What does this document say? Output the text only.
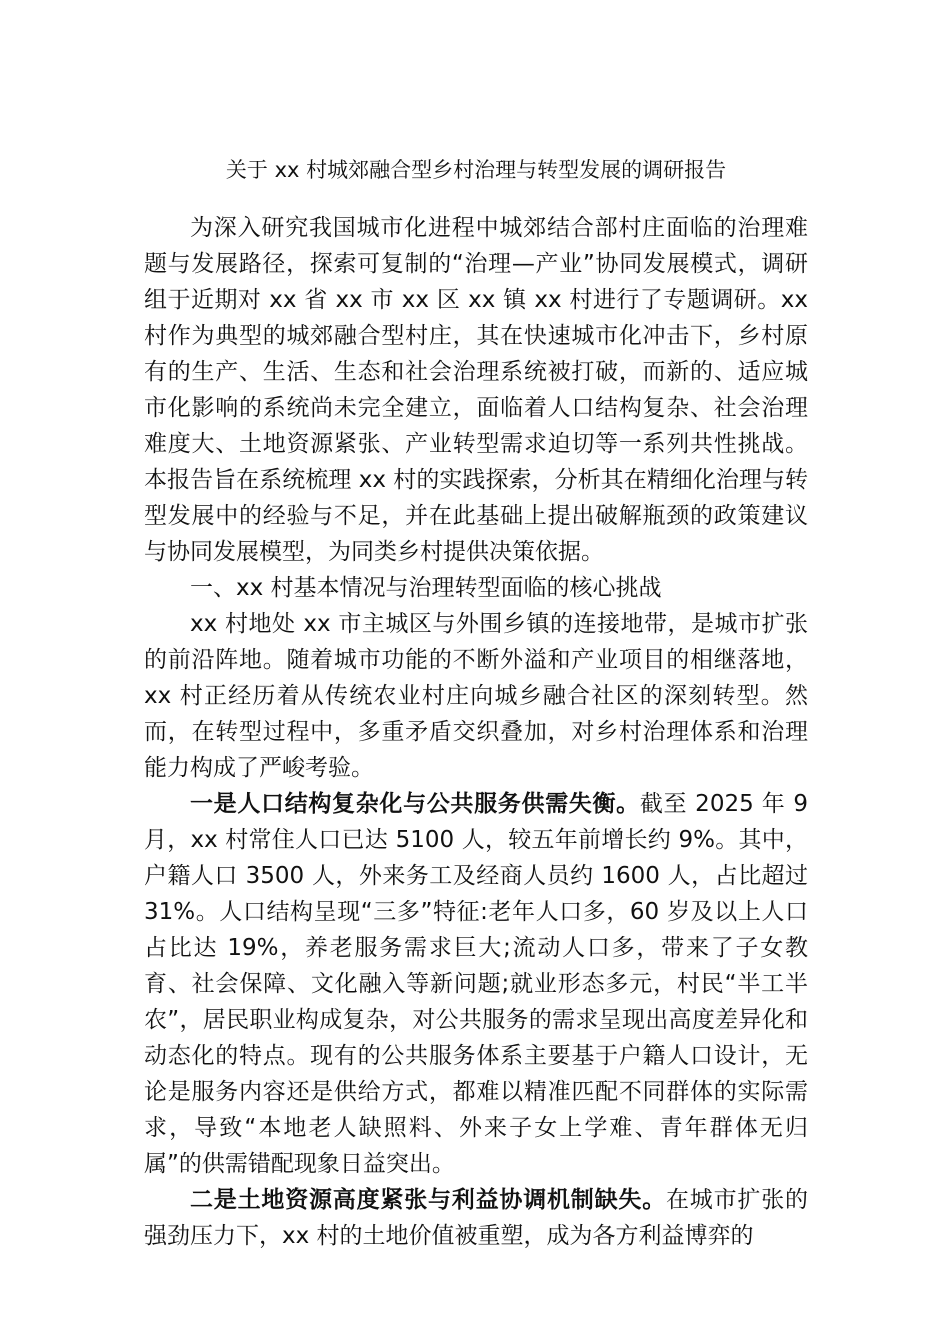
关于 xx 村城郊融合型乡村治理与转型发展的调研报告

为深入研究我国城市化进程中城郊结合部村庄面临的治理难题与发展路径，探索可复制的“治理—产业”协同发展模式，调研组于近期对 xx 省 xx 市 xx 区 xx 镇 xx 村进行了专题调研。xx 村作为典型的城郊融合型村庄，其在快速城市化冲击下，乡村原有的生产、生活、生态和社会治理系统被打破，而新的、适应城市化影响的系统尚未完全建立，面临着人口结构复杂、社会治理难度大、土地资源紧张、产业转型需求迫切等一系列共性挑战。本报告旨在系统梳理 xx 村的实践探索，分析其在精细化治理与转型发展中的经验与不足，并在此基础上提出破解瓶颈的政策建议与协同发展模型，为同类乡村提供决策依据。

一、xx 村基本情况与治理转型面临的核心挑战

xx 村地处 xx 市主城区与外围乡镇的连接地带，是城市扩张的前沿阵地。随着城市功能的不断外溢和产业项目的相继落地，xx 村正经历着从传统农业村庄向城乡融合社区的深刻转型。然而，在转型过程中，多重矛盾交织叠加，对乡村治理体系和治理能力构成了严峻考验。

一是人口结构复杂化与公共服务供需失衡。截至 2025 年 9 月，xx 村常住人口已达 5100 人，较五年前增长约 9%。其中，户籍人口 3500 人，外来务工及经商人员约 1600 人，占比超过 31%。人口结构呈现“三多”特征:老年人口多，60 岁及以上人口占比达 19%，养老服务需求巨大;流动人口多，带来了子女教育、社会保障、文化融入等新问题;就业形态多元，村民“半工半农”，居民职业构成复杂，对公共服务的需求呈现出高度差异化和动态化的特点。现有的公共服务体系主要基于户籍人口设计，无论是服务内容还是供给方式，都难以精准匹配不同群体的实际需求，导致“本地老人缺照料、外来子女上学难、青年群体无归属”的供需错配现象日益突出。

二是土地资源高度紧张与利益协调机制缺失。在城市扩张的强劲压力下，xx 村的土地价值被重塑，成为各方利益博弈的
